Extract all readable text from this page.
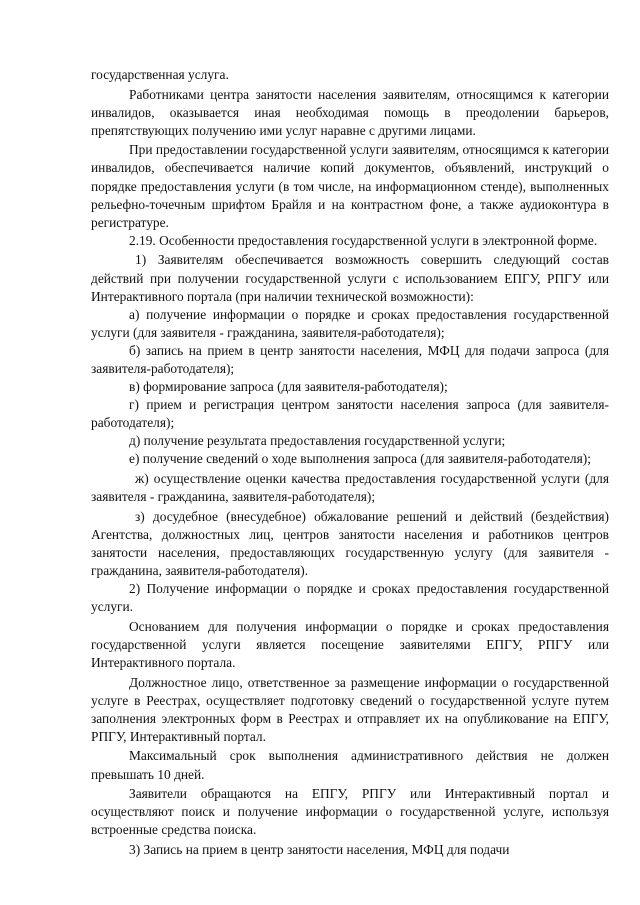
государственная услуга.

Работниками центра занятости населения заявителям, относящимся к категории инвалидов, оказывается иная необходимая помощь в преодолении барьеров, препятствующих получению ими услуг наравне с другими лицами.

При предоставлении государственной услуги заявителям, относящимся к категории инвалидов, обеспечивается наличие копий документов, объявлений, инструкций о порядке предоставления услуги (в том числе, на информационном стенде), выполненных рельефно-точечным шрифтом Брайля и на контрастном фоне, а также аудиоконтура в регистратуре.

2.19. Особенности предоставления государственной услуги в электронной форме.

1) Заявителям обеспечивается возможность совершить следующий состав действий при получении государственной услуги с использованием ЕПГУ, РПГУ или Интерактивного портала (при наличии технической возможности):

а) получение информации о порядке и сроках предоставления государственной услуги (для заявителя - гражданина, заявителя-работодателя);

б) запись на прием в центр занятости населения, МФЦ для подачи запроса (для заявителя-работодателя);

в) формирование запроса (для заявителя-работодателя);

г) прием и регистрация центром занятости населения запроса (для заявителя-работодателя);

д) получение результата предоставления государственной услуги;

е) получение сведений о ходе выполнения запроса (для заявителя-работодателя);

ж) осуществление оценки качества предоставления государственной услуги (для заявителя - гражданина, заявителя-работодателя);

з) досудебное (внесудебное) обжалование решений и действий (бездействия) Агентства, должностных лиц, центров занятости населения и работников центров занятости населения, предоставляющих государственную услугу (для заявителя - гражданина, заявителя-работодателя).

2) Получение информации о порядке и сроках предоставления государственной услуги.

Основанием для получения информации о порядке и сроках предоставления государственной услуги является посещение заявителями ЕПГУ, РПГУ или Интерактивного портала.

Должностное лицо, ответственное за размещение информации о государственной услуге в Реестрах, осуществляет подготовку сведений о государственной услуге путем заполнения электронных форм в Реестрах и отправляет их на опубликование на ЕПГУ, РПГУ, Интерактивный портал.

Максимальный срок выполнения административного действия не должен превышать 10 дней.

Заявители обращаются на ЕПГУ, РПГУ или Интерактивный портал и осуществляют поиск и получение информации о государственной услуге, используя встроенные средства поиска.

3) Запись на прием в центр занятости населения, МФЦ для подачи
